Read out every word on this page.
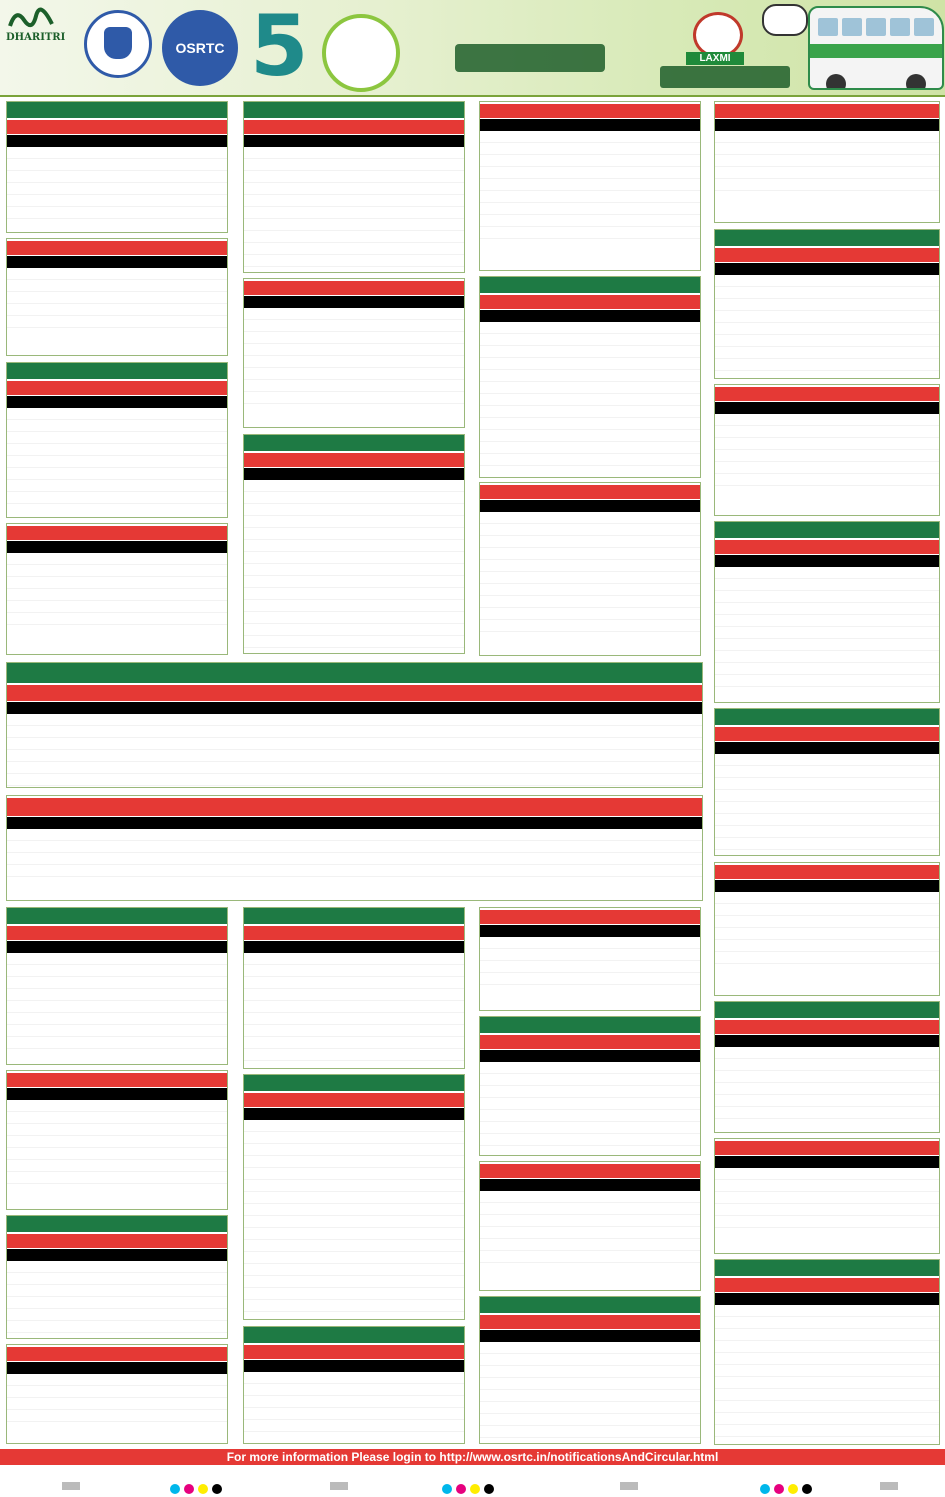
DHARITRI
OSRTC 5	LAXMI
For more information Please login to http://www.osrtc.in/notificationsAndCircular.html
